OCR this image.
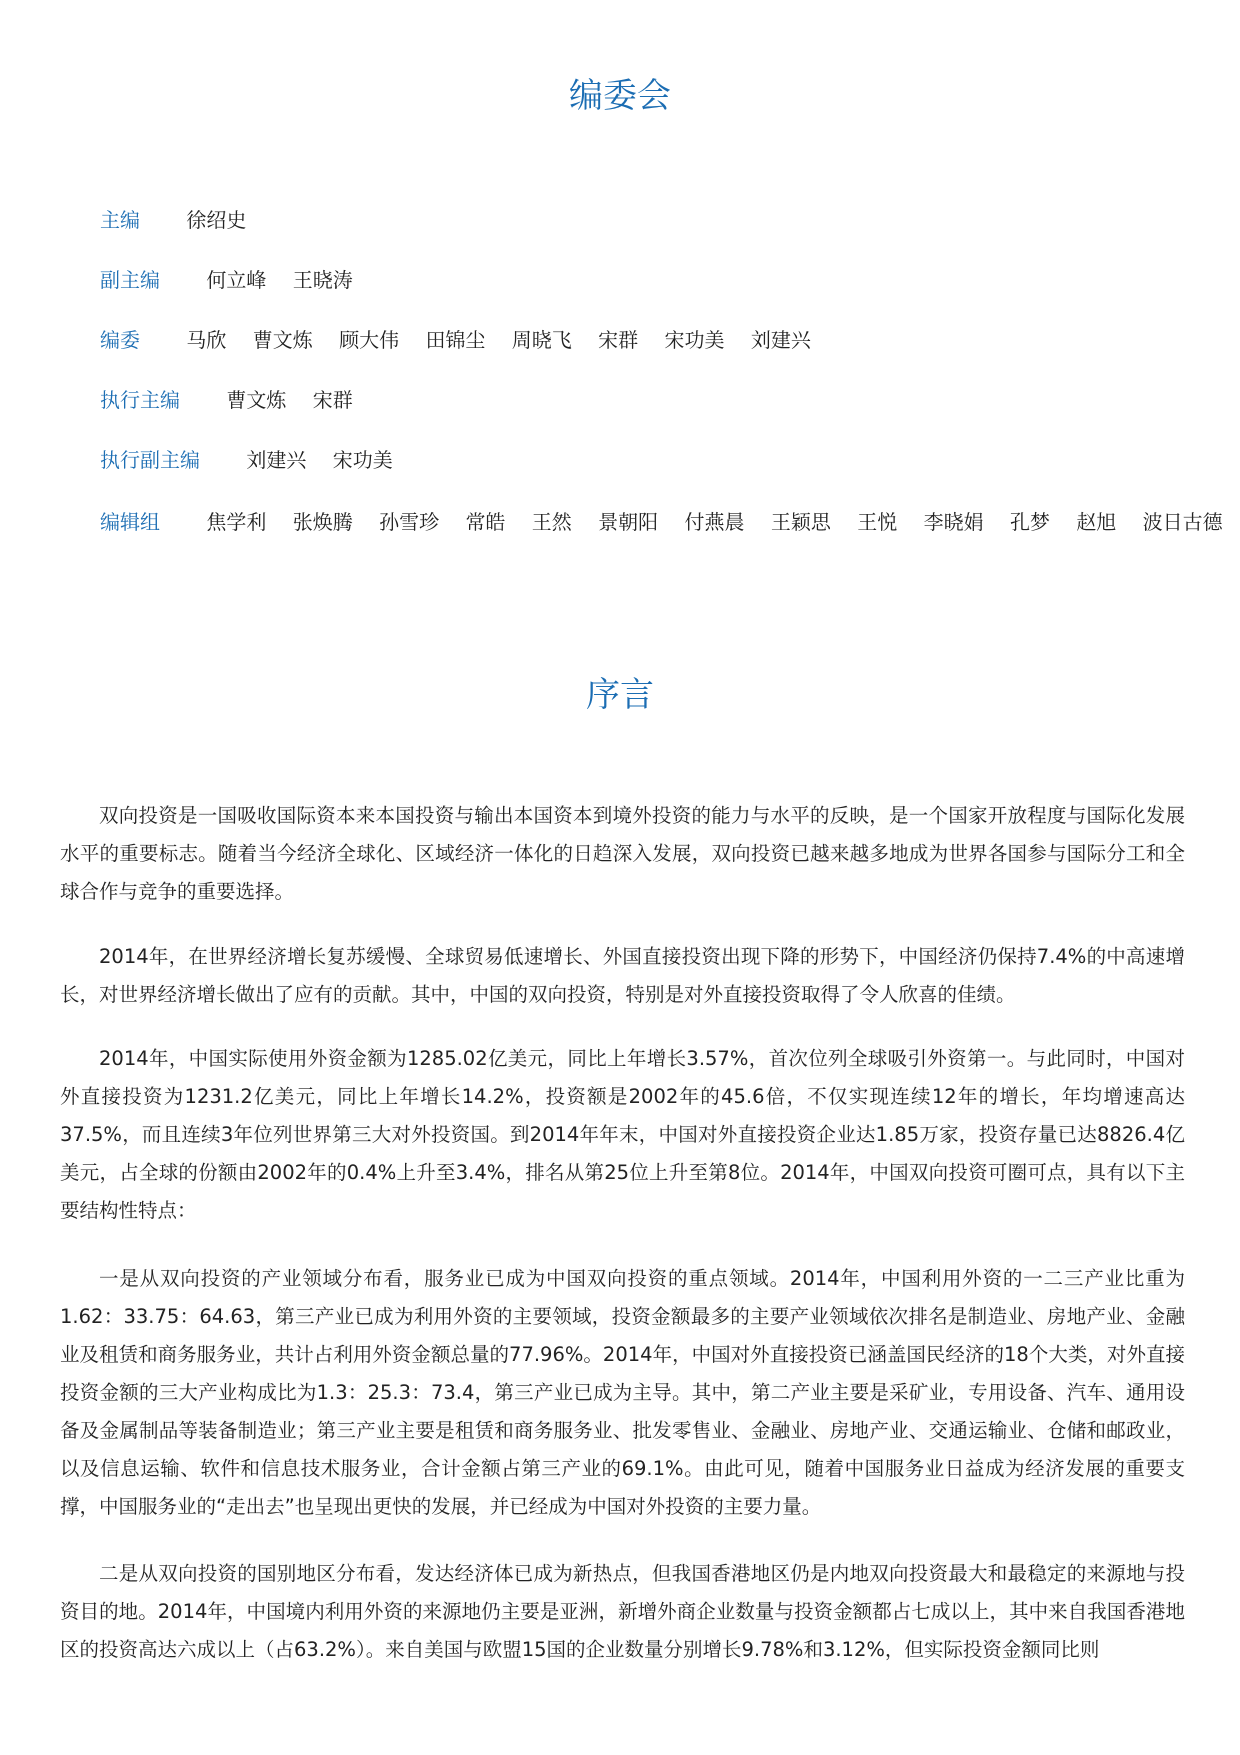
编委会
主编 徐绍史
副主编 何立峰 王晓涛
编委 马欣 曹文炼 顾大伟 田锦尘 周晓飞 宋群 宋功美 刘建兴
执行主编 曹文炼 宋群
执行副主编 刘建兴 宋功美
编辑组 焦学利 张焕腾 孙雪珍 常皓 王然 景朝阳 付燕晨 王颖思 王悦 李晓娟 孔梦 赵旭 波日古德
序言

双向投资是一国吸收国际资本来本国投资与输出本国资本到境外投资的能力与水平的反映，是一个国家开放程度与国际化发展水平的重要标志。随着当今经济全球化、区域经济一体化的日趋深入发展，双向投资已越来越多地成为世界各国参与国际分工和全球合作与竞争的重要选择。

2014年，在世界经济增长复苏缓慢、全球贸易低速增长、外国直接投资出现下降的形势下，中国经济仍保持7.4%的中高速增长，对世界经济增长做出了应有的贡献。其中，中国的双向投资，特别是对外直接投资取得了令人欣喜的佳绩。

2014年，中国实际使用外资金额为1285.02亿美元，同比上年增长3.57%，首次位列全球吸引外资第一。与此同时，中国对外直接投资为1231.2亿美元，同比上年增长14.2%，投资额是2002年的45.6倍，不仅实现连续12年的增长，年均增速高达37.5%，而且连续3年位列世界第三大对外投资国。到2014年年末，中国对外直接投资企业达1.85万家，投资存量已达8826.4亿美元，占全球的份额由2002年的0.4%上升至3.4%，排名从第25位上升至第8位。2014年，中国双向投资可圈可点，具有以下主要结构性特点：

一是从双向投资的产业领域分布看，服务业已成为中国双向投资的重点领域。2014年，中国利用外资的一二三产业比重为1.62：33.75：64.63，第三产业已成为利用外资的主要领域，投资金额最多的主要产业领域依次排名是制造业、房地产业、金融业及租赁和商务服务业，共计占利用外资金额总量的77.96%。2014年，中国对外直接投资已涵盖国民经济的18个大类，对外直接投资金额的三大产业构成比为1.3：25.3：73.4，第三产业已成为主导。其中，第二产业主要是采矿业，专用设备、汽车、通用设备及金属制品等装备制造业；第三产业主要是租赁和商务服务业、批发零售业、金融业、房地产业、交通运输业、仓储和邮政业，以及信息运输、软件和信息技术服务业，合计金额占第三产业的69.1%。由此可见，随着中国服务业日益成为经济发展的重要支撑，中国服务业的“走出去”也呈现出更快的发展，并已经成为中国对外投资的主要力量。

二是从双向投资的国别地区分布看，发达经济体已成为新热点，但我国香港地区仍是内地双向投资最大和最稳定的来源地与投资目的地。2014年，中国境内利用外资的来源地仍主要是亚洲，新增外商企业数量与投资金额都占七成以上，其中来自我国香港地区的投资高达六成以上（占63.2%）。来自美国与欧盟15国的企业数量分别增长9.78%和3.12%，但实际投资金额同比则
